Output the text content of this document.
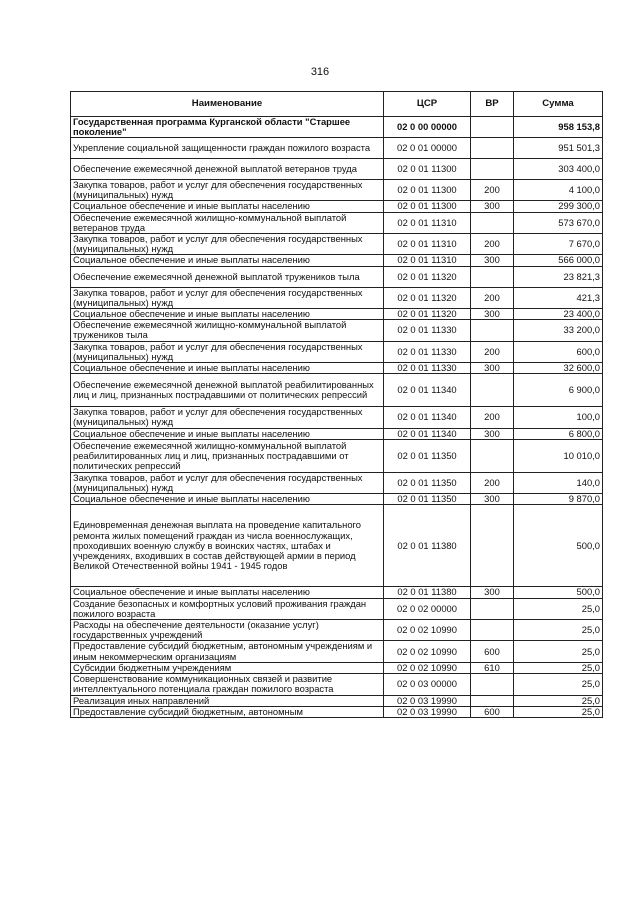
316
Наименование	ЦСР	ВР	Сумма
Государственная программа Курганской области "Старшее поколение"	02 0 00 00000		958 153,8
Укрепление социальной защищенности граждан пожилого возраста	02 0 01 00000		951 501,3
Обеспечение ежемесячной денежной выплатой ветеранов труда	02 0 01 11300		303 400,0
Закупка товаров, работ и услуг для обеспечения государственных (муниципальных) нужд	02 0 01 11300	200	4 100,0
Социальное обеспечение и иные выплаты населению	02 0 01 11300	300	299 300,0
Обеспечение ежемесячной жилищно-коммунальной выплатой ветеранов труда	02 0 01 11310		573 670,0
Закупка товаров, работ и услуг для обеспечения государственных (муниципальных) нужд	02 0 01 11310	200	7 670,0
Социальное обеспечение и иные выплаты населению	02 0 01 11310	300	566 000,0
Обеспечение ежемесячной денежной выплатой тружеников тыла	02 0 01 11320		23 821,3
Закупка товаров, работ и услуг для обеспечения государственных (муниципальных) нужд	02 0 01 11320	200	421,3
Социальное обеспечение и иные выплаты населению	02 0 01 11320	300	23 400,0
Обеспечение ежемесячной жилищно-коммунальной выплатой тружеников тыла	02 0 01 11330		33 200,0
Закупка товаров, работ и услуг для обеспечения государственных (муниципальных) нужд	02 0 01 11330	200	600,0
Социальное обеспечение и иные выплаты населению	02 0 01 11330	300	32 600,0
Обеспечение ежемесячной денежной выплатой реабилитированных лиц и лиц, признанных пострадавшими от политических репрессий	02 0 01 11340		6 900,0
Закупка товаров, работ и услуг для обеспечения государственных (муниципальных) нужд	02 0 01 11340	200	100,0
Социальное обеспечение и иные выплаты населению	02 0 01 11340	300	6 800,0
Обеспечение ежемесячной жилищно-коммунальной выплатой реабилитированных лиц и лиц, признанных пострадавшими от политических репрессий	02 0 01 11350		10 010,0
Закупка товаров, работ и услуг для обеспечения государственных (муниципальных) нужд	02 0 01 11350	200	140,0
Социальное обеспечение и иные выплаты населению	02 0 01 11350	300	9 870,0
Единовременная денежная выплата на проведение капитального ремонта жилых помещений граждан из числа военнослужащих, проходивших военную службу в воинских частях, штабах и учреждениях, входивших в состав действующей армии в период Великой Отечественной войны 1941 - 1945 годов	02 0 01 11380		500,0
Социальное обеспечение и иные выплаты населению	02 0 01 11380	300	500,0
Создание безопасных и комфортных условий проживания граждан пожилого возраста	02 0 02 00000		25,0
Расходы на обеспечение деятельности (оказание услуг) государственных учреждений	02 0 02 10990		25,0
Предоставление субсидий бюджетным, автономным учреждениям и иным некоммерческим организациям	02 0 02 10990	600	25,0
Субсидии бюджетным учреждениям	02 0 02 10990	610	25,0
Совершенствование коммуникационных связей и развитие интеллектуального потенциала граждан пожилого возраста	02 0 03 00000		25,0
Реализация иных направлений	02 0 03 19990		25,0
Предоставление субсидий бюджетным, автономным	02 0 03 19990	600	25,0
